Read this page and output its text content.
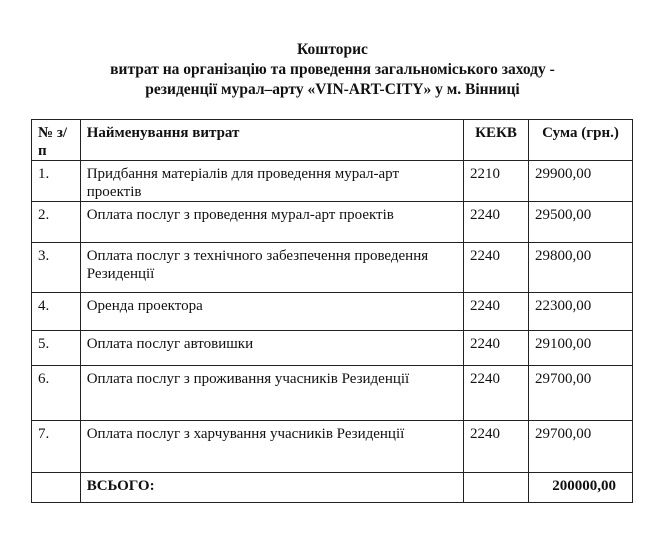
Кошторис
витрат на організацію та проведення загальноміського заходу -
резиденції мурал–арту «VIN-ART-CITY» у м. Вінниці
№ з/п	Найменування витрат	КЕКВ	Сума (грн.)
1.	Придбання матеріалів для проведення мурал-арт проектів	2210	29900,00
2.	Оплата послуг з проведення мурал-арт проектів	2240	29500,00
3.	Оплата послуг з технічного забезпечення проведення Резиденції	2240	29800,00
4.	Оренда проектора	2240	22300,00
5.	Оплата послуг автовишки	2240	29100,00
6.	Оплата послуг з проживання учасників Резиденції	2240	29700,00
7.	Оплата послуг з харчування учасників Резиденції	2240	29700,00
	ВСЬОГО:		200000,00
